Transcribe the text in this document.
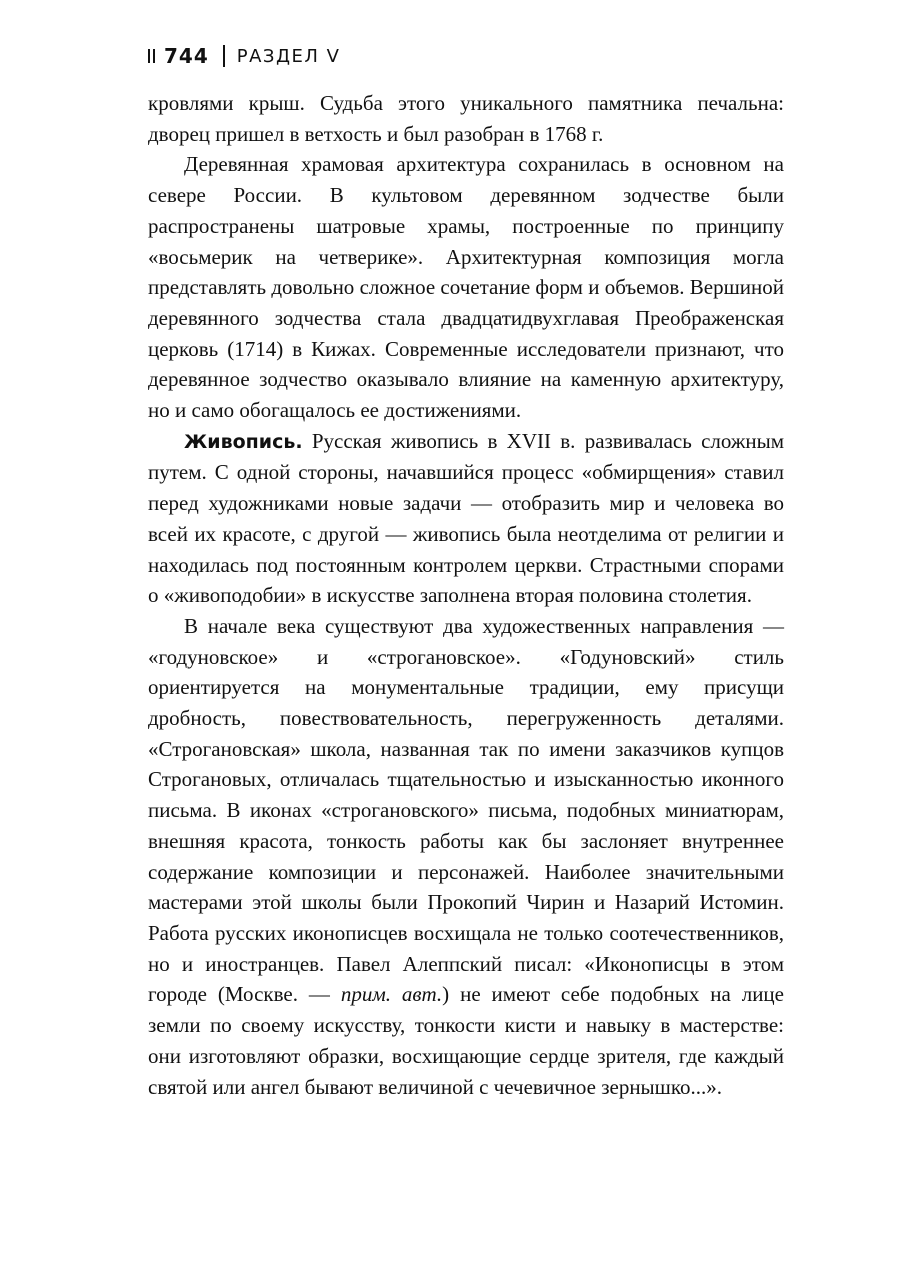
744 РАЗДЕЛ V

кровлями крыш. Судьба этого уникального памятника печальна: дворец пришел в ветхость и был разобран в 1768 г.

Деревянная храмовая архитектура сохранилась в основном на севере России. В культовом деревянном зодчестве были распространены шатровые храмы, построенные по принципу «восьмерик на четверике». Архитектурная композиция могла представлять довольно сложное сочетание форм и объемов. Вершиной деревянного зодчества стала двадцатидвухглавая Преображенская церковь (1714) в Кижах. Современные исследователи признают, что деревянное зодчество оказывало влияние на каменную архитектуру, но и само обогащалось ее достижениями.

Живопись. Русская живопись в XVII в. развивалась сложным путем. С одной стороны, начавшийся процесс «обмирщения» ставил перед художниками новые задачи — отобразить мир и человека во всей их красоте, с другой — живопись была неотделима от религии и находилась под постоянным контролем церкви. Страстными спорами о «живоподобии» в искусстве заполнена вторая половина столетия.

В начале века существуют два художественных направления — «годуновское» и «строгановское». «Годуновский» стиль ориентируется на монументальные традиции, ему присущи дробность, повествовательность, перегруженность деталями. «Строгановская» школа, названная так по имени заказчиков купцов Строгановых, отличалась тщательностью и изысканностью иконного письма. В иконах «строгановского» письма, подобных миниатюрам, внешняя красота, тонкость работы как бы заслоняет внутреннее содержание композиции и персонажей. Наиболее значительными мастерами этой школы были Прокопий Чирин и Назарий Истомин. Работа русских иконописцев восхищала не только соотечественников, но и иностранцев. Павел Алеппский писал: «Иконописцы в этом городе (Москве. — прим. авт.) не имеют себе подобных на лице земли по своему искусству, тонкости кисти и навыку в мастерстве: они изготовляют образки, восхищающие сердце зрителя, где каждый святой или ангел бывают величиной с чечевичное зернышко...».
